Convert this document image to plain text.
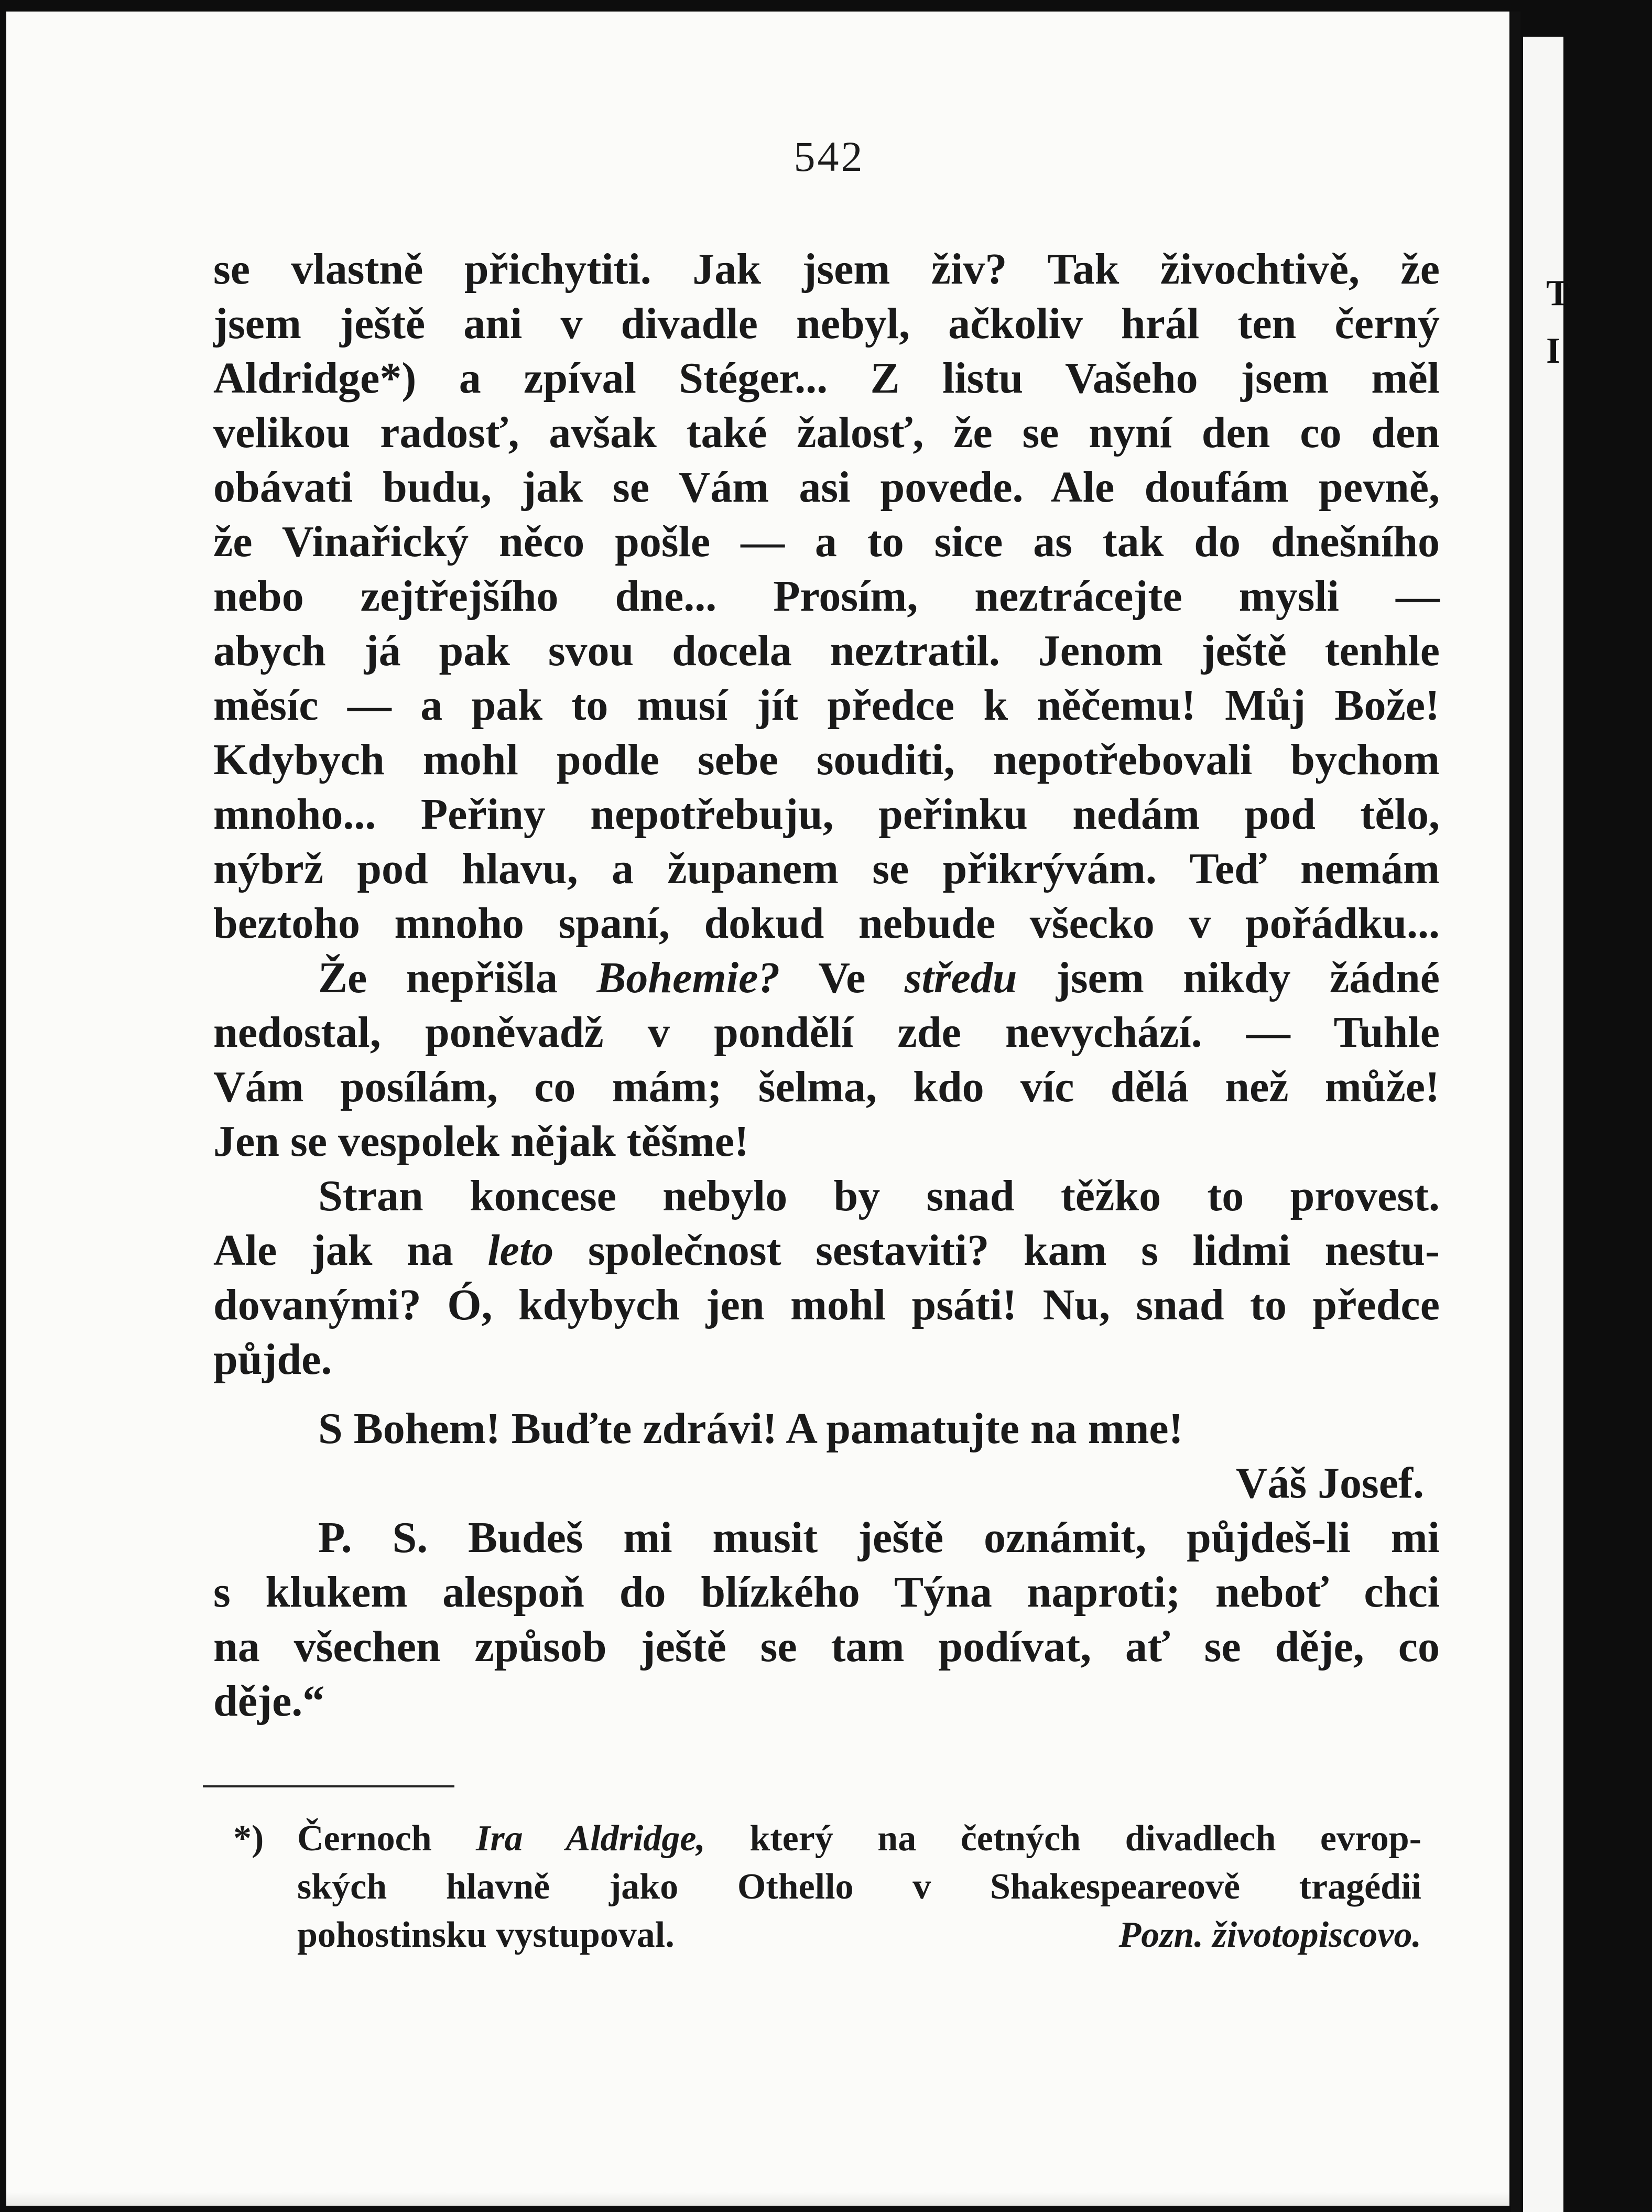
542
se vlastně přichytiti. Jak jsem živ? Tak živochtivě, že
jsem ještě ani v divadle nebyl, ačkoliv hrál ten černý
Aldridge*) a zpíval Stéger... Z listu Vašeho jsem měl
velikou radosť, avšak také žalosť, že se nyní den co den
obávati budu, jak se Vám asi povede. Ale doufám pevně,
že Vinařický něco pošle — a to sice as tak do dnešního
nebo zejtřejšího dne... Prosím, neztrácejte mysli —
abych já pak svou docela neztratil. Jenom ještě tenhle
měsíc — a pak to musí jít předce k něčemu! Můj Bože!
Kdybych mohl podle sebe souditi, nepotřebovali bychom
mnoho... Peřiny nepotřebuju, peřinku nedám pod tělo,
nýbrž pod hlavu, a županem se přikrývám. Teď nemám
beztoho mnoho spaní, dokud nebude všecko v pořádku...
Že nepřišla Bohemie? Ve středu jsem nikdy žádné
nedostal, poněvadž v pondělí zde nevychází. — Tuhle
Vám posílám, co mám; šelma, kdo víc dělá než může!
Jen se vespolek nějak těšme!
Stran koncese nebylo by snad těžko to provest.
Ale jak na leto společnost sestaviti? kam s lidmi nestu-
dovanými? Ó, kdybych jen mohl psáti! Nu, snad to předce
půjde.
S Bohem! Buďte zdrávi! A pamatujte na mne!
Váš Josef.
P. S. Budeš mi musit ještě oznámit, půjdeš-li mi
s klukem alespoň do blízkého Týna naproti; neboť chci
na všechen způsob ještě se tam podívat, ať se děje, co
děje.“
*) Černoch Ira Aldridge, který na četných divadlech evrop-
ských hlavně jako Othello v Shakespeareově tragédii
pohostinsku vystupoval.	Pozn. životopiscovo.
T
I
